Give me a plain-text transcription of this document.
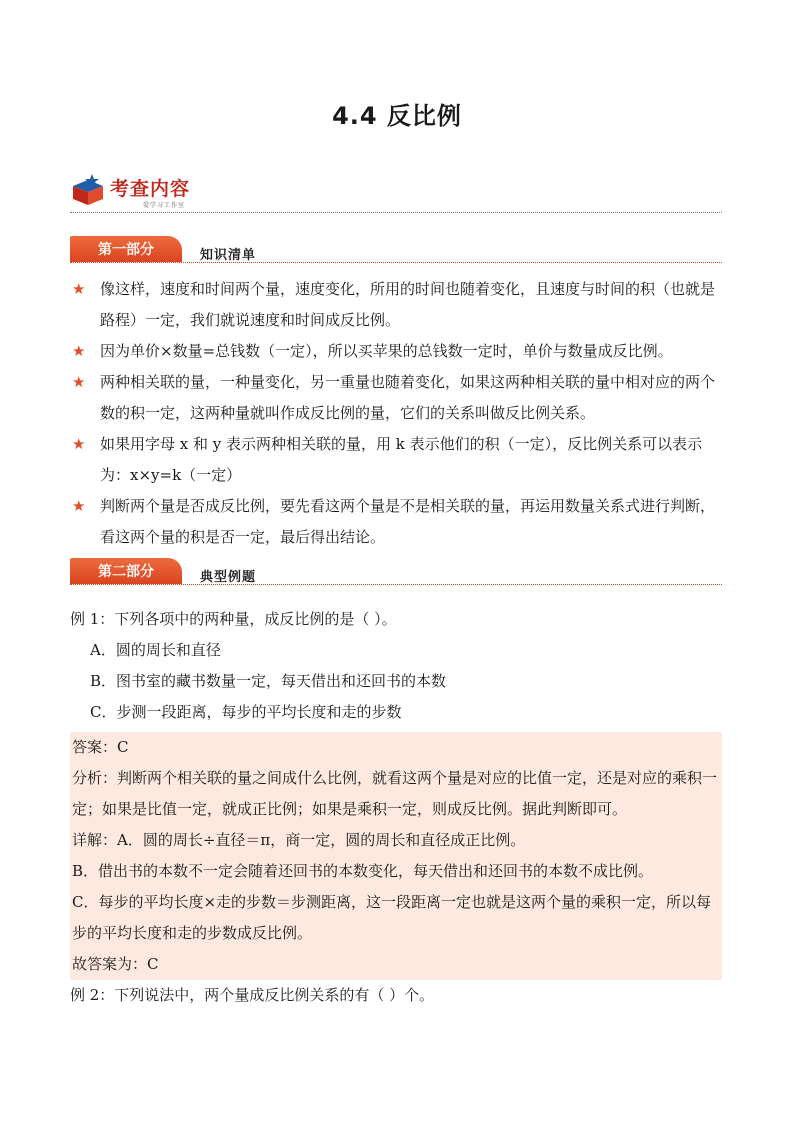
4.4 反比例
考查内容
爱学习工作室
第一部分	知识清单
★ 像这样，速度和时间两个量，速度变化，所用的时间也随着变化，且速度与时间的积（也就是路程）一定，我们就说速度和时间成反比例。
★ 因为单价×数量=总钱数（一定），所以买苹果的总钱数一定时，单价与数量成反比例。
★ 两种相关联的量，一种量变化，另一重量也随着变化，如果这两种相关联的量中相对应的两个数的积一定，这两种量就叫作成反比例的量，它们的关系叫做反比例关系。
★ 如果用字母 x 和 y 表示两种相关联的量，用 k 表示他们的积（一定），反比例关系可以表示为：x×y=k（一定）
★ 判断两个量是否成反比例，要先看这两个量是不是相关联的量，再运用数量关系式进行判断，看这两个量的积是否一定，最后得出结论。
第二部分	典型例题
例 1：下列各项中的两种量，成反比例的是（ ）。
A．圆的周长和直径
B．图书室的藏书数量一定，每天借出和还回书的本数
C．步测一段距离，每步的平均长度和走的步数
答案：C
分析：判断两个相关联的量之间成什么比例，就看这两个量是对应的比值一定，还是对应的乘积一定；如果是比值一定，就成正比例；如果是乘积一定，则成反比例。据此判断即可。
详解：A．圆的周长÷直径＝π，商一定，圆的周长和直径成正比例。
B．借出书的本数不一定会随着还回书的本数变化，每天借出和还回书的本数不成比例。
C．每步的平均长度×走的步数＝步测距离，这一段距离一定也就是这两个量的乘积一定，所以每步的平均长度和走的步数成反比例。
故答案为：C
例 2：下列说法中，两个量成反比例关系的有（ ）个。
